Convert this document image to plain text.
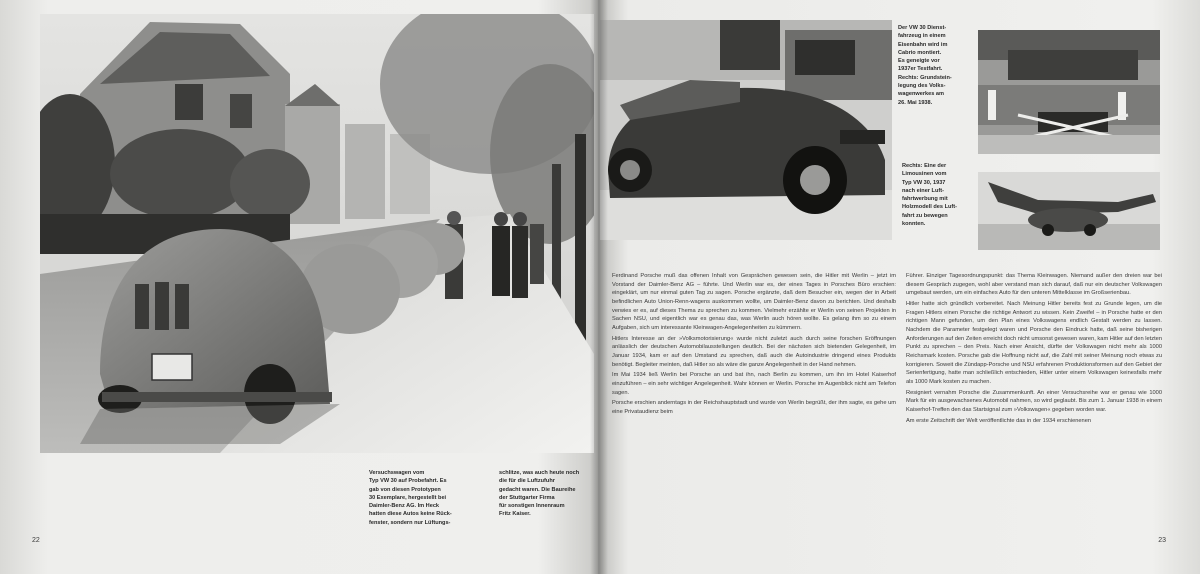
Versuchswagen vom
Typ VW 30 auf Probefahrt. Es
gab von diesen Prototypen
30 Exemplare, hergestellt bei
Daimler-Benz AG. Im Heck
hatten diese Autos keine Rück-
fenster, sondern nur Lüftungs-

schlitze, was auch heute noch
die für die Luftzufuhr
gedacht waren. Die Baureihe
der Stuttgarter Firma
für sonstigen Innenraum
Fritz Kaiser.

22

Der VW 30 Dienst-
fahrzeug in einem
Eisenbahn wird im
Cabrio montiert.
Es geneigte vor
1937er Testfahrt.
Rechts: Grundstein-
legung des Volks-
wagenwerkes am
26. Mai 1938.

Rechts: Eine der
Limousinen vom
Typ VW 30, 1937
nach einer Luft-
fahrtwerbung mit
Holzmodell des Luft-
fahrt zu bewegen
konnten.

Ferdinand Porsche muß das offenen Inhalt von Gesprächen gewesen sein, die Hitler mit Werlin – jetzt im Vorstand der Daimler-Benz AG – führte. Und Werlin war es, der eines Tages in Porsches Büro erschien: eingeklärt, um nur einmal guten Tag zu sagen. Porsche ergänzte, daß dem Besucher ein, wegen der in Arbeit befindlichen Auto Union-Renn-wagens auskommen wollte, um Daimler-Benz davon zu berichten. Und deshalb verwies er es, auf dieses Thema zu sprechen zu kommen. Vielmehr erzählte er Werlin von seinen Projekten in Sachen NSU, und eigentlich war es genau das, was Werlin auch hören wollte. Es gelang ihm so zu einem Aufgaben, sich um interessante Kleinwagen-Angelegenheiten zu kümmern.

Hitlers Interesse an der »Volksmotorisierung« wurde nicht zuletzt auch durch seine forschen Eröffnungen anlässlich der deutschen Automobilausstellungen deutlich. Bei der nächsten sich bietenden Gelegenheit, im Januar 1934, kam er auf den Umstand zu sprechen, daß auch die Autoindustrie dringend eines Produkts benötigt. Begleiter meinten, daß Hitler so als wäre die ganze Angelegenheit in der Hand nehmen.

Im Mai 1934 ließ Werlin bei Porsche an und bat ihn, nach Berlin zu kommen, um ihn im Hotel Kaiserhof einzuführen – ein sehr wichtiger Angelegenheit. Wahr können er Werlin. Porsche im Augenblick nicht am Telefon sagen.

Porsche erschien anderntags in der Reichshauptstadt und wurde von Werlin begrüßt, der ihm sagte, es gehe um eine Privataudienz beim

Führer. Einziger Tagesordnungspunkt: das Thema Kleinwagen. Niemand außer den dreien war bei diesem Gespräch zugegen, wohl aber verstand man sich darauf, daß nur ein deutscher Volkswagen umgebaut werden, um ein einfaches Auto für den unteren Mittelklasse im Großserienbau.

Hitler hatte sich gründlich vorbereitet. Nach Meinung Hitler bereits fest zu Grunde legen, um die Fragen Hitlers einen Porsche die richtige Antwort zu wissen. Kein Zweifel – in Porsche hatte er den richtigen Mann gefunden, um den Plan eines Volkswagens endlich Gestalt werden zu lassen. Nachdem die Parameter festgelegt waren und Porsche den Eindruck hatte, daß seine bisherigen Anforderungen auf den Zeiten erreicht doch nicht umsonst gewesen waren, kam Hitler auf den letzten Punkt zu sprechen – den Preis. Nach einer Ansicht, dürfte der Volkswagen nicht mehr als 1000 Reichsmark kosten. Porsche gab die Hoffnung nicht auf, die Zahl mit seiner Meinung noch etwas zu korrigieren. Soweit die Zündapp-Porsche und NSU erfahrenen Produktionsformen auf den Gebiet der Serienfertigung, hatte man schließlich entschieden, Hitler unter einem Volkswagen keinesfalls mehr als 1000 Mark kosten zu machen.

Resigniert vernahm Porsche die Zusammenkunft. An einer Versuchsreihe war er genau wie 1000 Mark für ein ausgewachsenes Automobil nahmen, so wird geglaubt. Bis zum 1. Januar 1938 in einem Kaiserhof-Treffen den das Startsignal zum »Volkswagen« gegeben worden war.

Am erste Zeitschrift der Welt veröffentlichte das in der 1934 erschienenen

23
